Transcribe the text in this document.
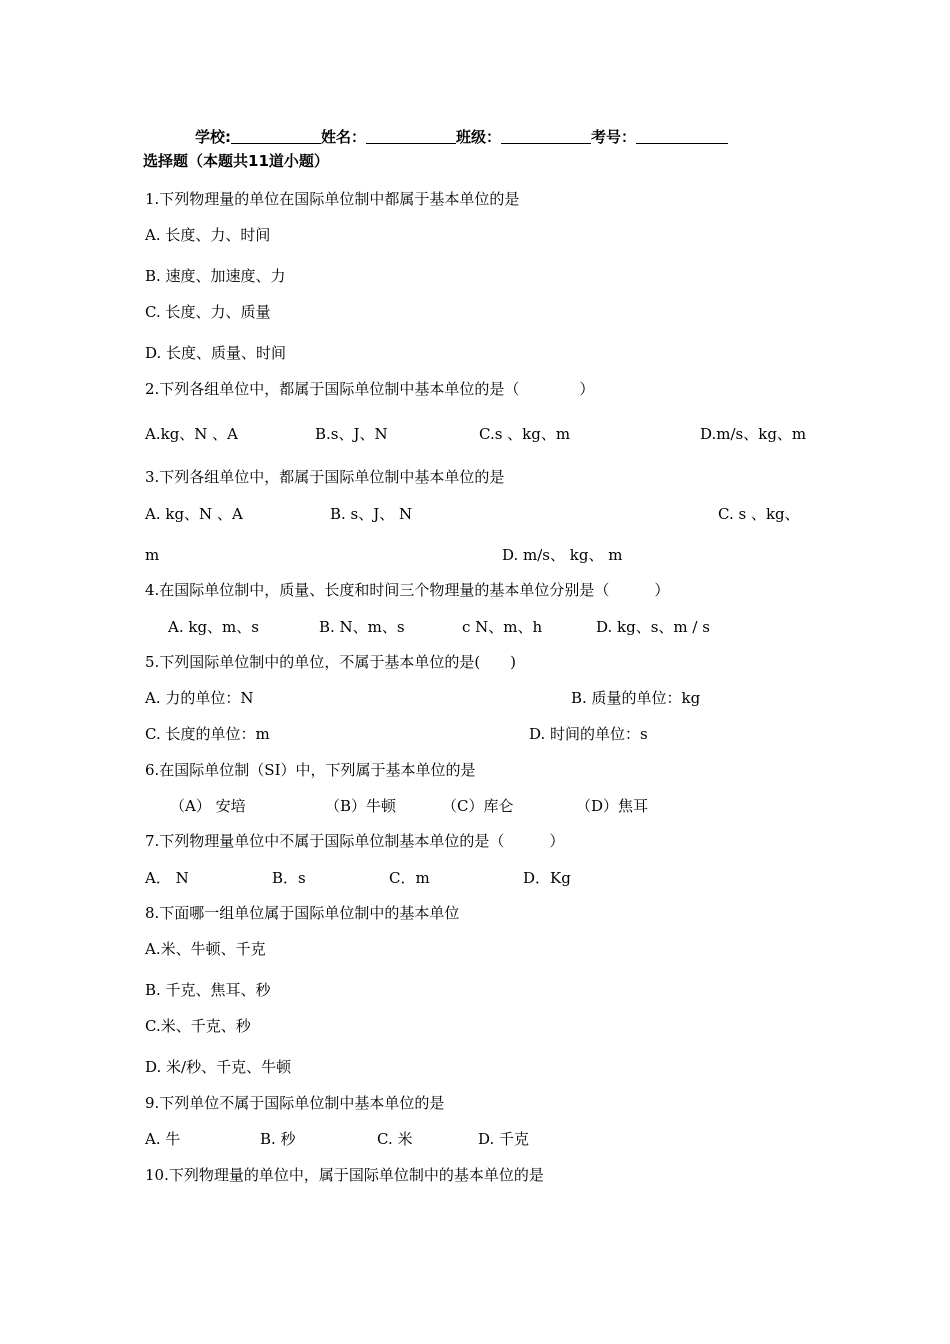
学校:	姓名：	班级：	考号：
选择题（本题共11道小题）
1.下列物理量的单位在国际单位制中都属于基本单位的是
A. 长度、力、时间
B. 速度、加速度、力
C. 长度、力、质量
D. 长度、质量、时间
2.下列各组单位中，都属于国际单位制中基本单位的是（　　　　）
A.kg、N 、A	B.s、J、N	C.s 、kg、m	D.m/s、kg、m
3.下列各组单位中，都属于国际单位制中基本单位的是
A. kg、N 、A	B. s、J、 N	C. s 、kg、
m	D. m/s、 kg、 m
4.在国际单位制中，质量、长度和时间三个物理量的基本单位分别是（　　　）
A. kg、m、s	B. N、m、s	c N、m、h	D. kg、s、m / s
5.下列国际单位制中的单位，不属于基本单位的是(　　)
A. 力的单位：N	B. 质量的单位：kg
C. 长度的单位：m	D. 时间的单位：s
6.在国际单位制（SI）中，下列属于基本单位的是
（A） 安培	（B）牛顿	（C）库仑	（D）焦耳
7.下列物理量单位中不属于国际单位制基本单位的是（　　　）
A． N	B．s	C．m	D．Kg
8.下面哪一组单位属于国际单位制中的基本单位
A.米、牛顿、千克
B. 千克、焦耳、秒
C.米、千克、秒
D. 米/秒、千克、牛顿
9.下列单位不属于国际单位制中基本单位的是
A. 牛	B. 秒	C. 米	D. 千克
10.下列物理量的单位中，属于国际单位制中的基本单位的是
